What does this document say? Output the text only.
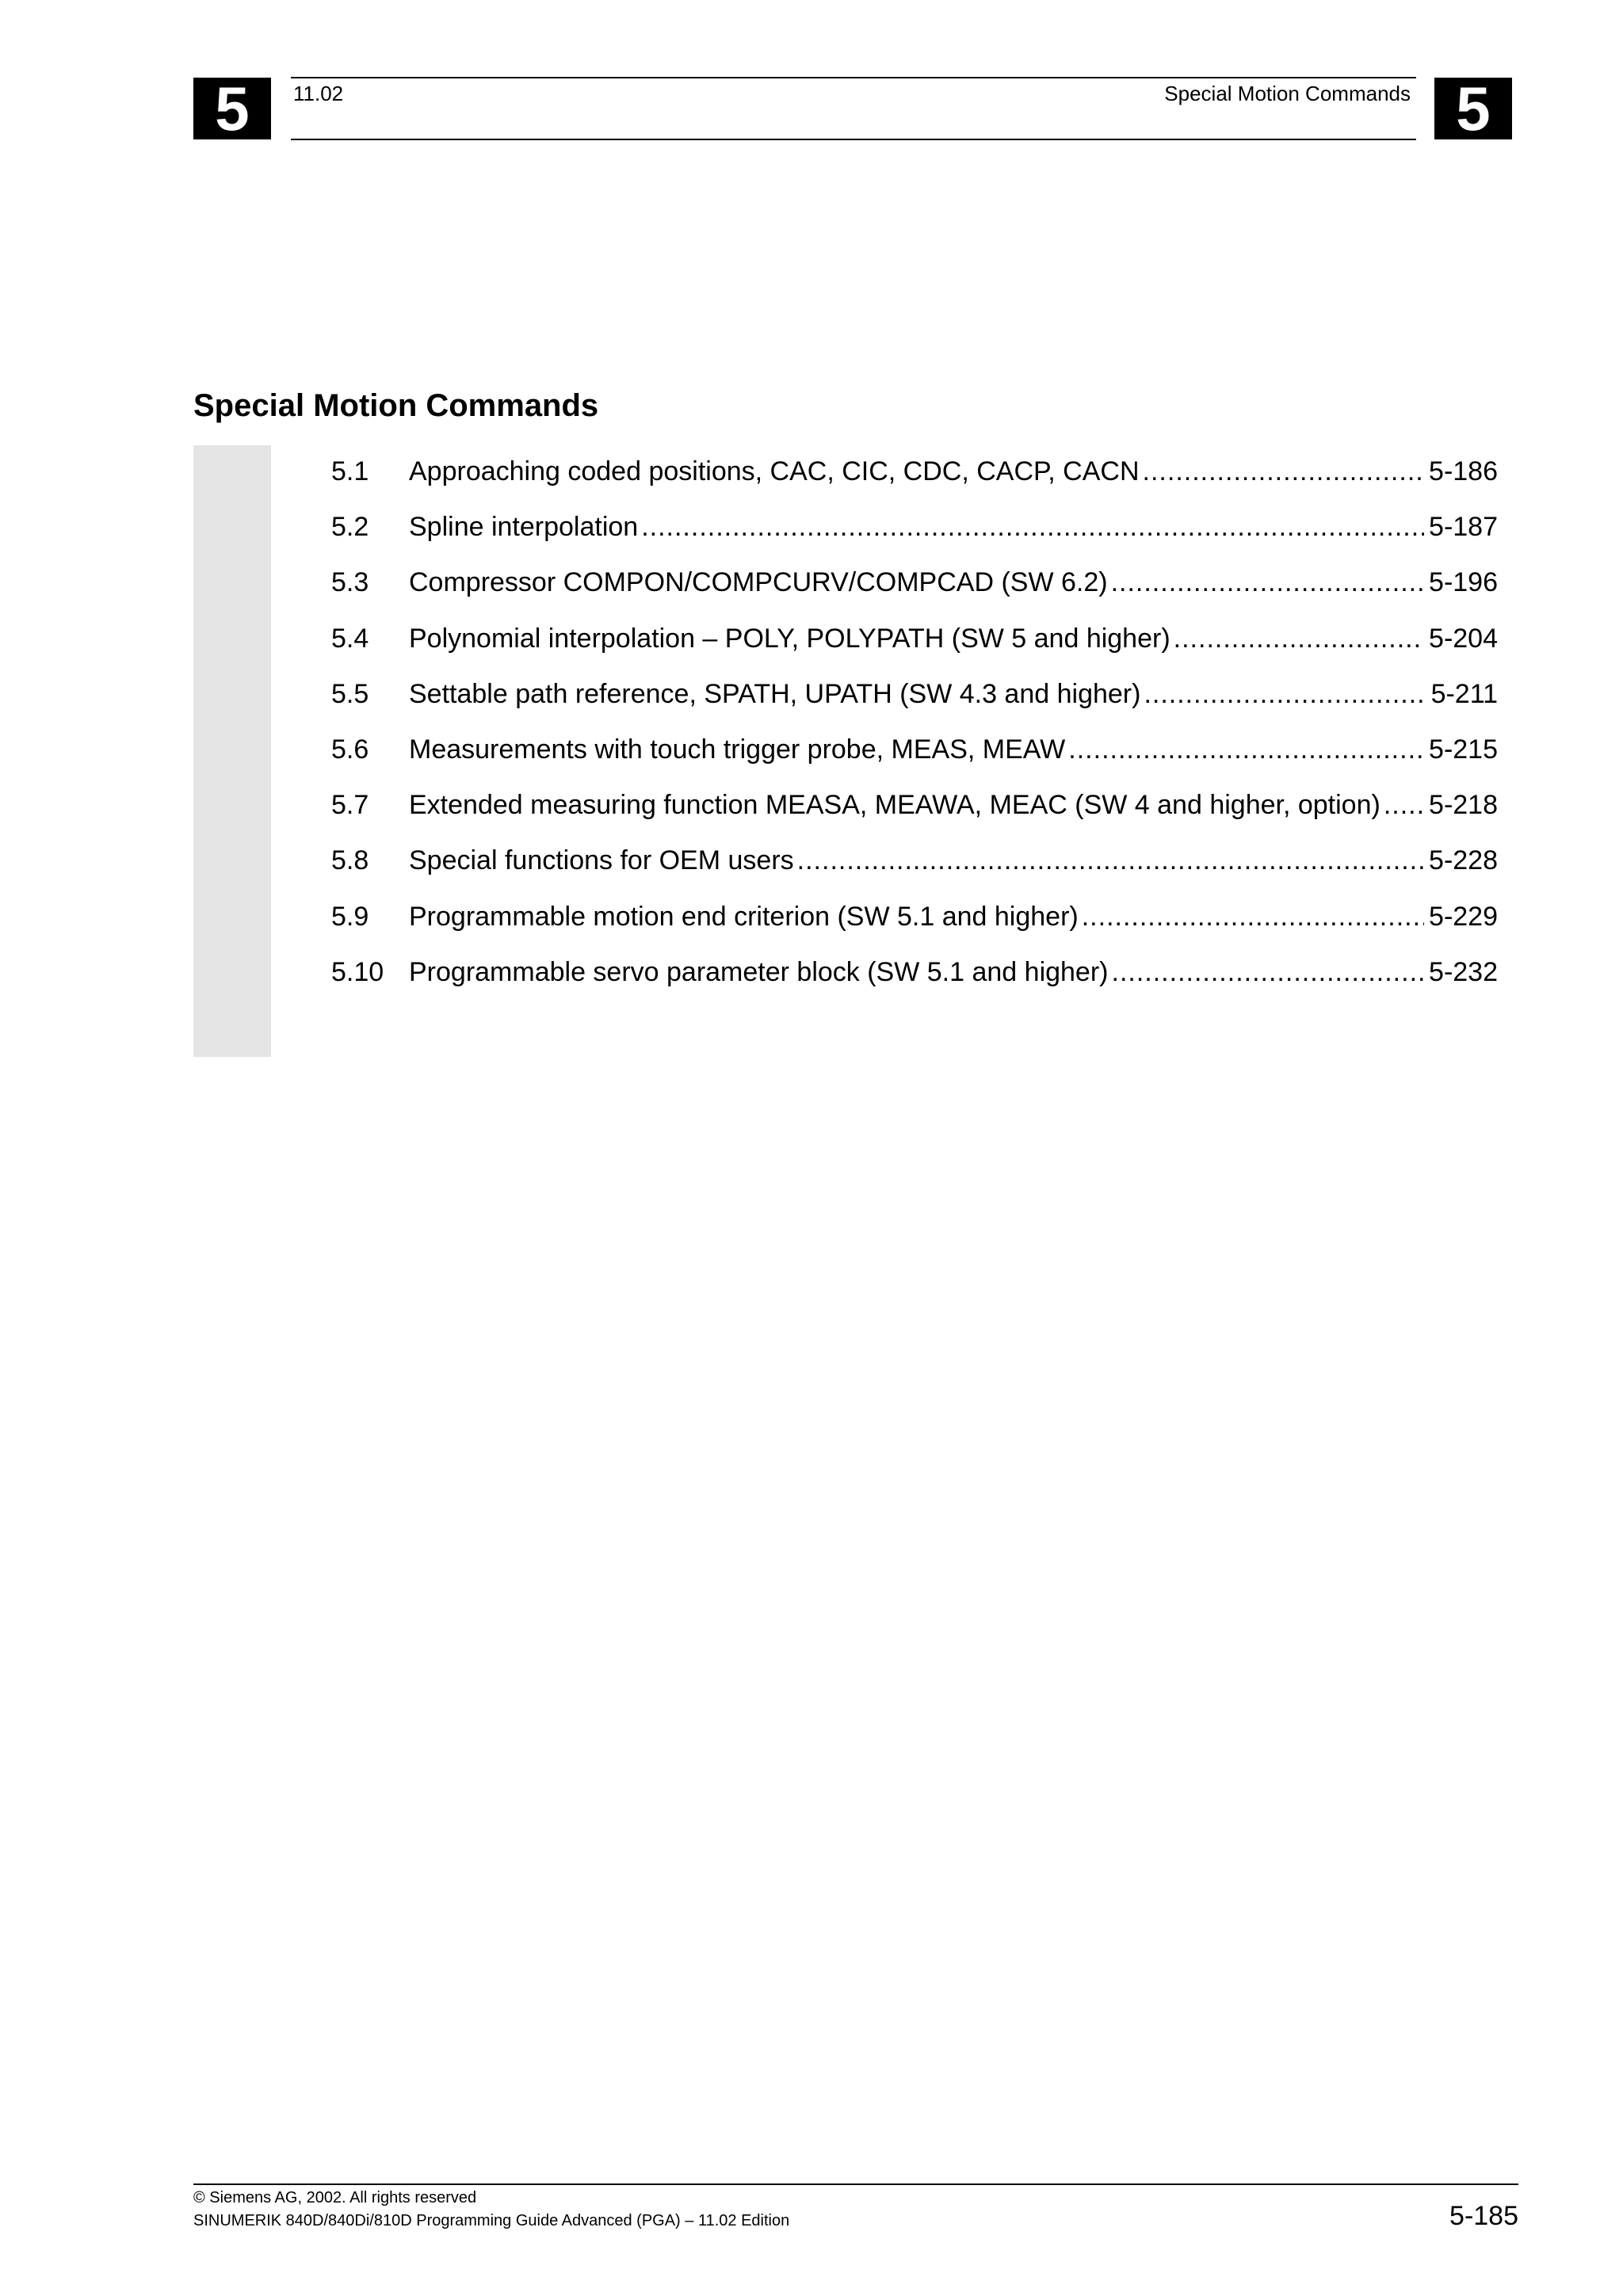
5	5
11.02	Special Motion Commands
Special Motion Commands
5.1	Approaching coded positions, CAC, CIC, CDC, CACP, CACN .....	5-186
5.2	Spline interpolation .....	5-187
5.3	Compressor COMPON/COMPCURV/COMPCAD (SW 6.2) .....	5-196
5.4	Polynomial interpolation – POLY, POLYPATH (SW 5 and higher) .....	5-204
5.5	Settable path reference, SPATH, UPATH (SW 4.3 and higher) .....	5-211
5.6	Measurements with touch trigger probe, MEAS, MEAW .....	5-215
5.7	Extended measuring function MEASA, MEAWA, MEAC (SW 4 and higher, option) ..... 5-218
5.8	Special functions for OEM users .....	5-228
5.9	Programmable motion end criterion (SW 5.1 and higher) .....	5-229
5.10 Programmable servo parameter block (SW 5.1 and higher) .....	5-232
© Siemens AG, 2002. All rights reserved
SINUMERIK 840D/840Di/810D Programming Guide Advanced (PGA) – 11.02 Edition	5-185
